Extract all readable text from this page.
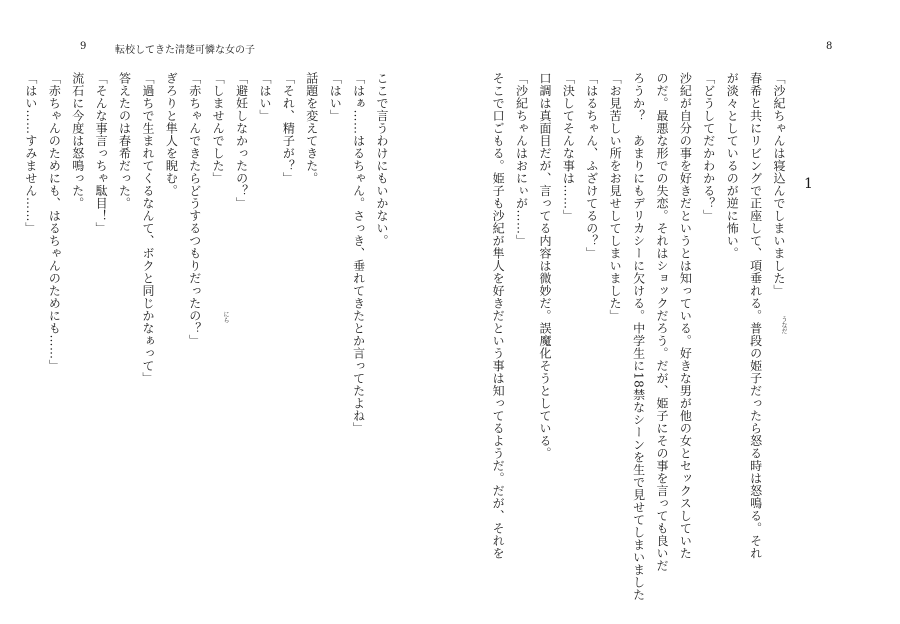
9	転校してきた清楚可憐な女の子	8
1
「沙紀ちゃんは寝込んでしまいました」
春希と共にリビングで正座して、項垂れる。普段の姫子だったら怒る時は怒鳴る。それ
が淡々としているのが逆に怖い。
「どうしてだかわかる？」
沙紀が自分の事を好きだというとは知っている。好きな男が他の女とセックスしていた
のだ。最悪な形での失恋。それはショックだろう。だが、姫子にその事を言っても良いだ
ろうか？　あまりにもデリカシーに欠ける。中学生に18禁なシーンを生で見せてしまいました
「お見苦しい所をお見せしてしまいました」
「はるちゃん、ふざけてるの？」
「決してそんな事は……」
口調は真面目だが、言ってる内容は微妙だ。誤魔化そうとしている。
「沙紀ちゃんはおにぃが……」
そこで口ごもる。姫子も沙紀が隼人を好きだという事は知ってるようだ。だが、それを	うなだ
ここで言うわけにもいかない。
「はぁ……はるちゃん。さっき、垂れてきたとか言ってたよね」
「はい」
話題を変えてきた。
「それ、精子が？」
「はい」
「避妊しなかったの？」
「しませんでした」
「赤ちゃんできたらどうするつもりだったの？」
ぎろりと隼人を睨む。
「過ちで生まれてくるなんて、ボクと同じかなぁって」
答えたのは春希だった。
「そんな事言っちゃ駄目！」
流石に今度は怒鳴った。
「赤ちゃんのためにも、はるちゃんのためにも……」
「はい……すみません……」
にら
